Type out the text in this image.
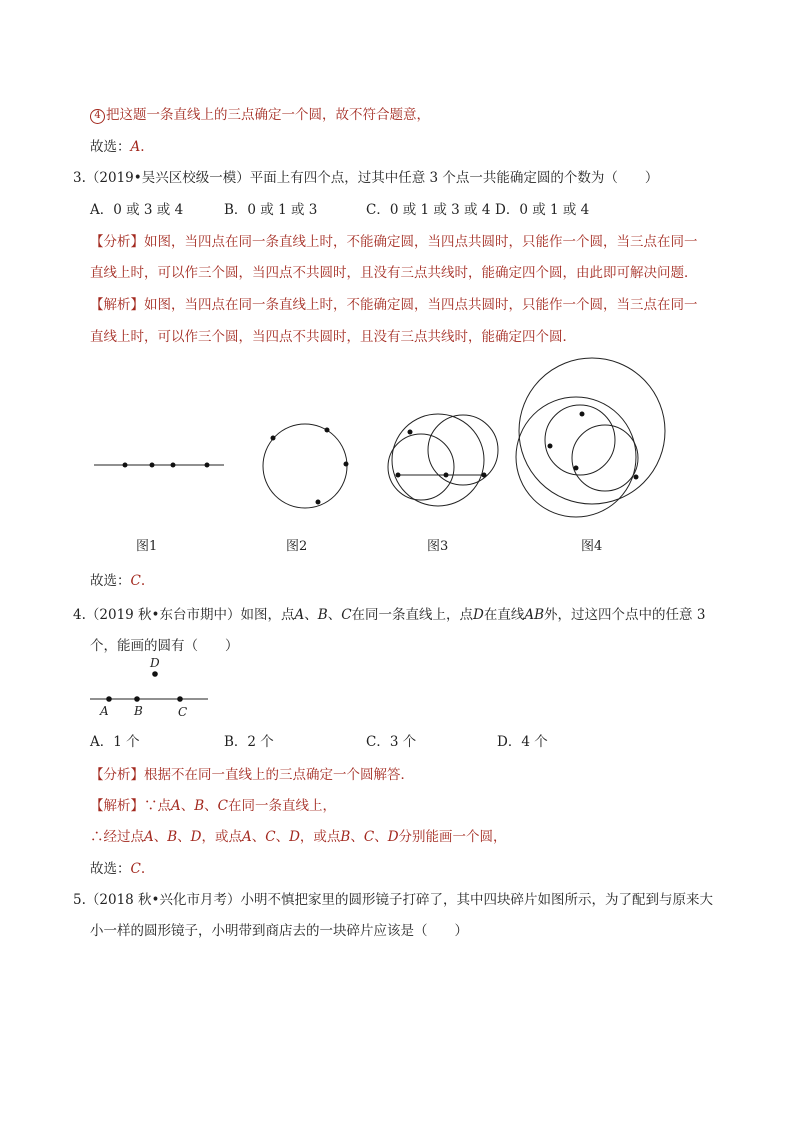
4 把这题一条直线上的三点确定一个圆，故不符合题意，
故选：A.
3.（2019•吴兴区校级一模）平面上有四个点，过其中任意 3 个点一共能确定圆的个数为（　　）
A．0 或 3 或 4	B．0 或 1 或 3	C．0 或 1 或 3 或 4 D．0 或 1 或 4
【分析】如图，当四点在同一条直线上时，不能确定圆，当四点共圆时，只能作一个圆，当三点在同一
直线上时，可以作三个圆，当四点不共圆时，且没有三点共线时，能确定四个圆，由此即可解决问题．
【解析】如图，当四点在同一条直线上时，不能确定圆，当四点共圆时，只能作一个圆，当三点在同一
直线上时，可以作三个圆，当四点不共圆时，且没有三点共线时，能确定四个圆．
图1	图2	图3	图4
故选：C.
4.（2019 秋•东台市期中）如图，点A、B、C在同一条直线上，点D在直线AB外，过这四个点中的任意 3
个，能画的圆有（　　）
A B	C
D
A．1 个	B．2 个	C．3 个	D．4 个
【分析】根据不在同一直线上的三点确定一个圆解答．
【解析】∵点A、B、C在同一条直线上，
∴经过点A、B、D，或点A、C、D，或点B、C、D分别能画一个圆，
故选：C.
5.（2018 秋•兴化市月考）小明不慎把家里的圆形镜子打碎了，其中四块碎片如图所示，为了配到与原来大
小一样的圆形镜子，小明带到商店去的一块碎片应该是（　　）
